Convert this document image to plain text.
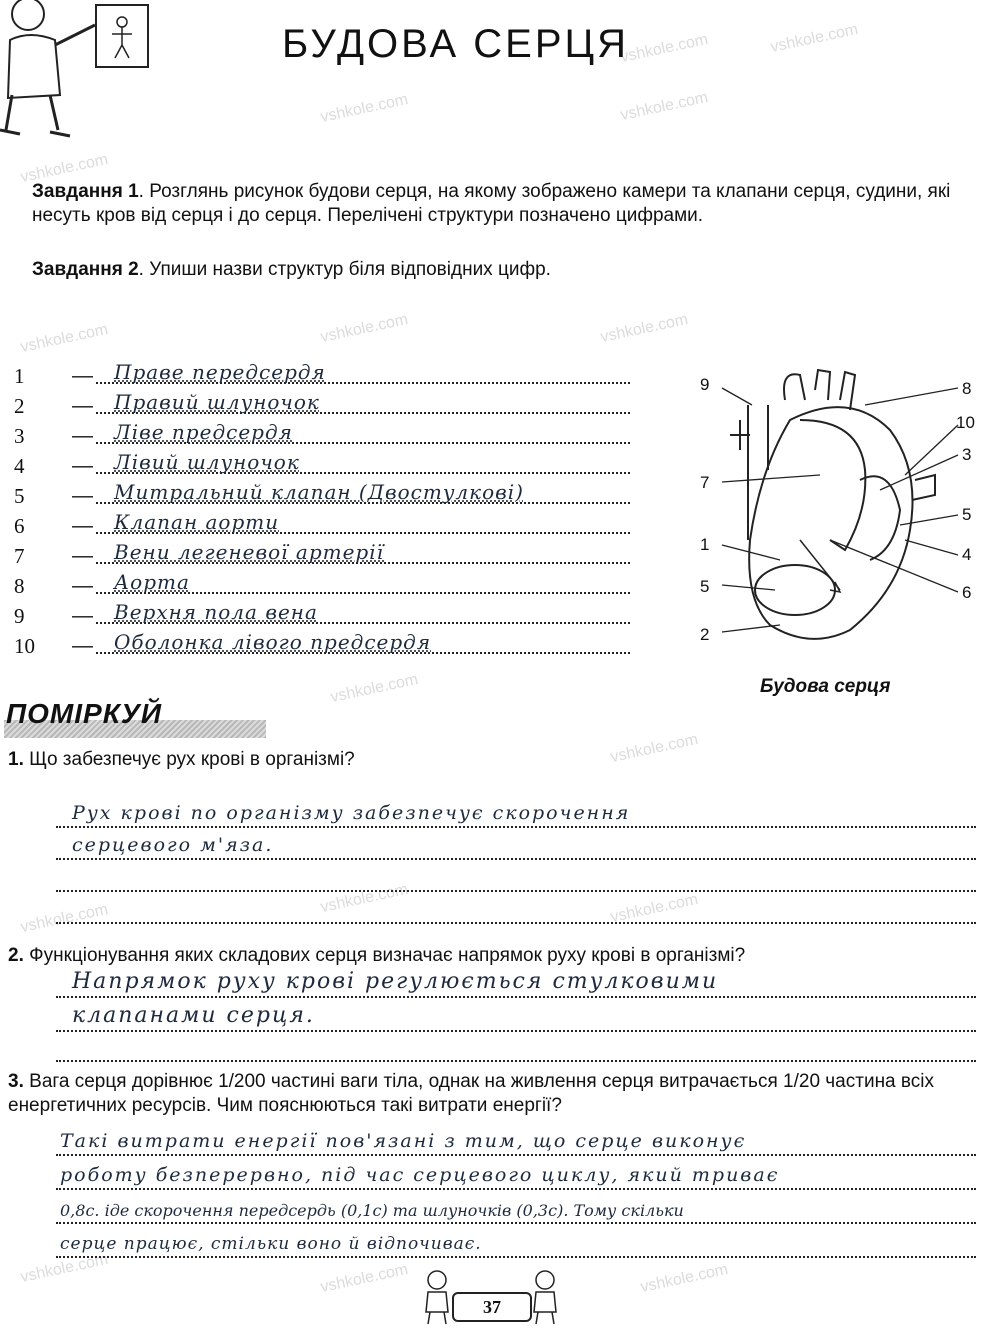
vshkole.com	vshkole.com
vshkole.com	vshkole.com
vshkole.com
vshkole.com	vshkole.com
vshkole.com
vshkole.com
vshkole.com
vshkole.com
vshkole.com	vshkole.com
vshkole.com
vshkole.com	vshkole.com
БУДОВА СЕРЦЯ
Завдання 1. Розглянь рисунок будови серця, на якому зображено камери та клапани серця, судини, які несуть кров від серця і до серця. Перелічені структури позначено цифрами.
Завдання 2. Упиши назви структур біля відповідних цифр.
1	— Праве передсердя
2	— Правий шлуночок
3	— Ліве предсердя
4	— Лівий шлуночок
5	— Митральний клапан (Двостулкові)
6	— Клапан аорти
7	— Вени легеневої артерії
8	— Аорта
9	— Верхня пола вена
10	— Оболонка лівого предсердя
9	8
10
3
7
5
1
4
5	6
2
Будова серця
ПОМІРКУЙ
1. Що забезпечує рух крові в організмі?
Рух крові по організму забезпечує скорочення
серцевого м'яза.
2. Функціонування яких складових серця визначає напрямок руху крові в організмі?
Напрямок руху крові регулюється стулковими
клапанами серця.
3. Вага серця дорівнює 1/200 частині ваги тіла, однак на живлення серця витрачається 1/20 частина всіх енергетичних ресурсів. Чим пояснюються такі витрати енергії?
Такі витрати енергії пов'язані з тим, що серце виконує
роботу безперервно, під час серцевого циклу, який триває
0,8с. іде скорочення передсердь (0,1с) та шлуночків (0,3с). Тому скільки
серце працює, стільки воно й відпочиває.
37
